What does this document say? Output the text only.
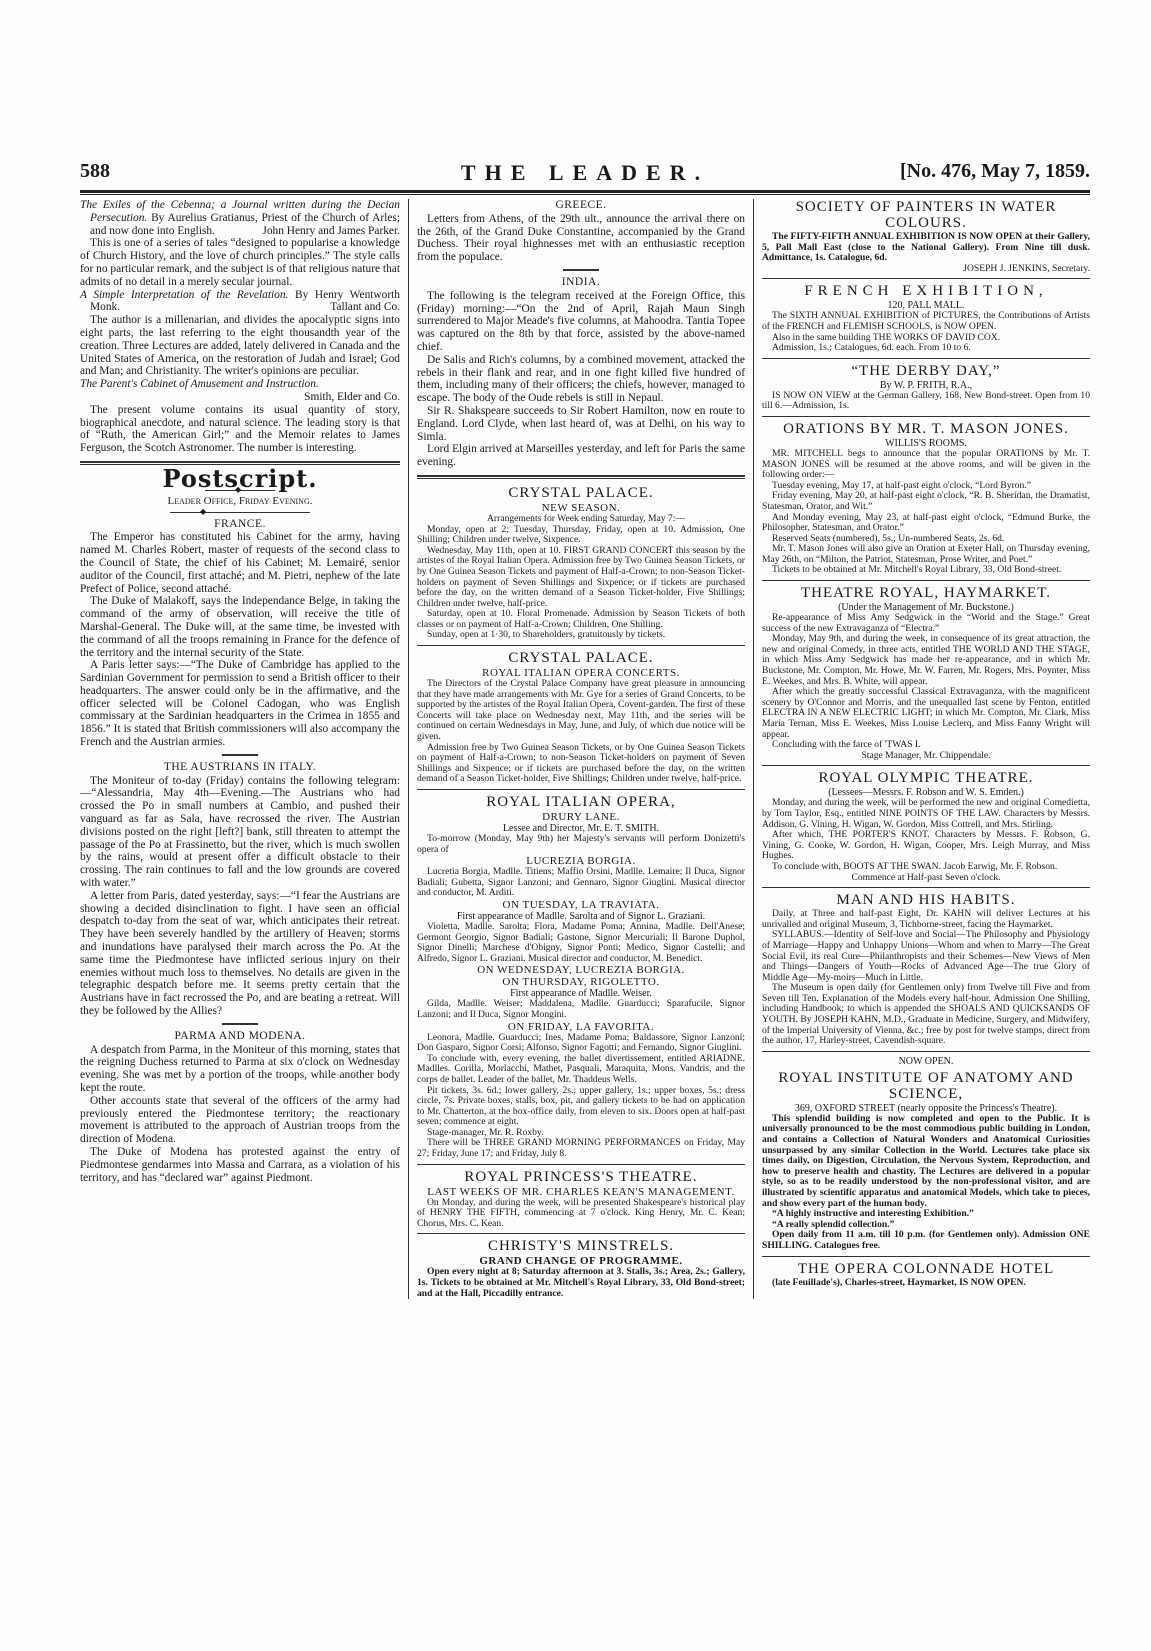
588	THE LEADER.	[No. 476, May 7, 1859.

The Exiles of the Cebenna; a Journal written during the Decian Persecution. By Aurelius Gratianus, Priest of the Church of Arles; and now done into English.	John Henry and James Parker.

This is one of a series of tales “designed to popularise a knowledge of Church History, and the love of church principles.” The style calls for no particular remark, and the subject is of that religious nature that admits of no detail in a merely secular journal.

A Simple Interpretation of the Revelation. By Henry Wentworth Monk.	Tallant and Co.

The author is a millenarian, and divides the apocalyptic signs into eight parts, the last referring to the eight thousandth year of the creation. Three Lectures are added, lately delivered in Canada and the United States of America, on the restoration of Judah and Israel; God and Man; and Christianity. The writer's opinions are peculiar.

The Parent's Cabinet of Amusement and Instruction.

Smith, Elder and Co.

The present volume contains its usual quantity of story, biographical anecdote, and natural science. The leading story is that of “Ruth, the American Girl;” and the Memoir relates to James Ferguson, the Scotch Astronomer. The number is interesting.

Postscript.
◆
Leader Office, Friday Evening.
◆
FRANCE.

The Emperor has constituted his Cabinet for the army, having named M. Charles Robert, master of requests of the second class to the Council of State, the chief of his Cabinet; M. Lemairé, senior auditor of the Council, first attaché; and M. Pietri, nephew of the late Prefect of Police, second attaché.

The Duke of Malakoff, says the Independance Belge, in taking the command of the army of observation, will receive the title of Marshal-General. The Duke will, at the same time, be invested with the command of all the troops remaining in France for the defence of the territory and the internal security of the State.

A Paris letter says:—“The Duke of Cambridge has applied to the Sardinian Government for permission to send a British officer to their headquarters. The answer could only be in the affirmative, and the officer selected will be Colonel Cadogan, who was English commissary at the Sardinian headquarters in the Crimea in 1855 and 1856.” It is stated that British commissioners will also accompany the French and the Austrian armies.

THE AUSTRIANS IN ITALY.

The Moniteur of to-day (Friday) contains the following telegram:—“Alessandria, May 4th—Evening.—The Austrians who had crossed the Po in small numbers at Cambio, and pushed their vanguard as far as Sala, have recrossed the river. The Austrian divisions posted on the right [left?] bank, still threaten to attempt the passage of the Po at Frassinetto, but the river, which is much swollen by the rains, would at present offer a difficult obstacle to their crossing. The rain continues to fall and the low grounds are covered with water.”

A letter from Paris, dated yesterday, says:—“I fear the Austrians are showing a decided disinclination to fight. I have seen an official despatch to-day from the seat of war, which anticipates their retreat. They have been severely handled by the artillery of Heaven; storms and inundations have paralysed their march across the Po. At the same time the Piedmontese have inflicted serious injury on their enemies without much loss to themselves. No details are given in the telegraphic despatch before me. It seems pretty certain that the Austrians have in fact recrossed the Po, and are beating a retreat. Will they be followed by the Allies?

PARMA AND MODENA.

A despatch from Parma, in the Moniteur of this morning, states that the reigning Duchess returned to Parma at six o'clock on Wednesday evening. She was met by a portion of the troops, while another body kept the route.

Other accounts state that several of the officers of the army had previously entered the Piedmontese territory; the reactionary movement is attributed to the approach of Austrian troops from the direction of Modena.

The Duke of Modena has protested against the entry of Piedmontese gendarmes into Massa and Carrara, as a violation of his territory, and has “declared war” against Piedmont.

GREECE.

Letters from Athens, of the 29th ult., announce the arrival there on the 26th, of the Grand Duke Constantine, accompanied by the Grand Duchess. Their royal highnesses met with an enthusiastic reception from the populace.

INDIA.

The following is the telegram received at the Foreign Office, this (Friday) morning:—“On the 2nd of April, Rajah Maun Singh surrendered to Major Meade's five columns, at Mahoodra. Tantia Topee was captured on the 8th by that force, assisted by the above-named chief.

De Salis and Rich's columns, by a combined movement, attacked the rebels in their flank and rear, and in one fight killed five hundred of them, including many of their officers; the chiefs, however, managed to escape. The body of the Oude rebels is still in Nepaul.

Sir R. Shakspeare succeeds to Sir Robert Hamilton, now en route to England. Lord Clyde, when last heard of, was at Delhi, on his way to Simla.

Lord Elgin arrived at Marseilles yesterday, and left for Paris the same evening.

CRYSTAL PALACE.
NEW SEASON.

Arrangements for Week ending Saturday, May 7:—

Monday, open at 2; Tuesday, Thursday, Friday, open at 10. Admission, One Shilling; Children under twelve, Sixpence.

Wednesday, May 11th, open at 10. FIRST GRAND CONCERT this season by the artistes of the Royal Italian Opera. Admission free by Two Guinea Season Tickets, or by One Guinea Season Tickets and payment of Half-a-Crown; to non-Season Ticket-holders on payment of Seven Shillings and Sixpence; or if tickets are purchased before the day, on the written demand of a Season Ticket-holder, Five Shillings; Children under twelve, half-price.

Saturday, open at 10. Floral Promenade. Admission by Season Tickets of both classes or on payment of Half-a-Crown; Children, One Shilling.

Sunday, open at 1·30, to Shareholders, gratuitously by tickets.

CRYSTAL PALACE.
ROYAL ITALIAN OPERA CONCERTS.

The Directors of the Crystal Palace Company have great pleasure in announcing that they have made arrangements with Mr. Gye for a series of Grand Concerts, to be supported by the artistes of the Royal Italian Opera, Covent-garden. The first of these Concerts will take place on Wednesday next, May 11th, and the series will be continued on certain Wednesdays in May, June, and July, of which due notice will be given.

Admission free by Two Guinea Season Tickets, or by One Guinea Season Tickets on payment of Half-a-Crown; to non-Season Ticket-holders on payment of Seven Shillings and Sixpence; or if tickets are purchased before the day, on the written demand of a Season Ticket-holder, Five Shillings; Children under twelve, half-price.

ROYAL ITALIAN OPERA,
DRURY LANE.
Lessee and Director, Mr. E. T. SMITH.

To-morrow (Monday, May 9th) her Majesty's servants will perform Donizetti's opera of

LUCREZIA BORGIA.

Lucretia Borgia, Madlle. Titiens; Maffio Orsini, Madlle. Lemaire; Il Duca, Signor Badiali; Gubetta, Signor Lanzoni; and Gennaro, Signor Giuglini. Musical director and conductor, M. Arditi.

ON TUESDAY, LA TRAVIATA.
First appearance of Madlle. Sarolta and of Signor L. Graziani.

Violetta, Madlle. Sarolta; Flora, Madame Poma; Annina, Madlle. Dell'Anese; Germont Georgio, Signor Badiali; Gastone, Signor Mercuriali; Il Barone Duphol, Signor Dinelli; Marchese d'Obigny, Signor Ponti; Medico, Signor Castelli; and Alfredo, Signor L. Graziani. Musical director and conductor, M. Benedict.

ON WEDNESDAY, LUCREZIA BORGIA.
ON THURSDAY, RIGOLETTO.
First appearance of Madlle. Weiser.

Gilda, Madlle. Weiser; Maddalena, Madlle. Guarducci; Sparafucile, Signor Lanzoni; and Il Duca, Signor Mongini.

ON FRIDAY, LA FAVORITA.

Leonora, Madlle. Guarducci; Ines, Madame Poma; Baldassore, Signor Lanzoni; Don Gasparo, Signor Corsi; Alfonso, Signor Fagotti; and Fernando, Signor Giuglini.

To conclude with, every evening, the ballet divertissement, entitled ARIADNE. Madlles. Corilla, Morlacchi, Mathet, Pasquali, Maraquita, Mons. Vandris, and the corps de ballet. Leader of the ballet, Mr. Thaddeus Wells.

Pit tickets, 3s. 6d.; lower gallery, 2s.; upper gallery, 1s.; upper boxes, 5s.; dress circle, 7s. Private boxes, stalls, box, pit, and gallery tickets to be had on application to Mr. Chatterton, at the box-office daily, from eleven to six. Doors open at half-past seven; commence at eight.

Stage-manager, Mr. R. Roxby.

There will be THREE GRAND MORNING PERFORMANCES on Friday, May 27; Friday, June 17; and Friday, July 8.

ROYAL PRINCESS'S THEATRE.
LAST WEEKS OF MR. CHARLES KEAN'S MANAGEMENT.

On Monday, and during the week, will be presented Shakespeare's historical play of HENRY THE FIFTH, commencing at 7 o'clock. King Henry, Mr. C. Kean; Chorus, Mrs. C. Kean.

CHRISTY'S MINSTRELS.
GRAND CHANGE OF PROGRAMME.

Open every night at 8; Saturday afternoon at 3. Stalls, 3s.; Area, 2s.; Gallery, 1s. Tickets to be obtained at Mr. Mitchell's Royal Library, 33, Old Bond-street; and at the Hall, Piccadilly entrance.

SOCIETY OF PAINTERS IN WATER COLOURS.

The FIFTY-FIFTH ANNUAL EXHIBITION IS NOW OPEN at their Gallery, 5, Pall Mall East (close to the National Gallery). From Nine till dusk. Admittance, 1s. Catalogue, 6d.

JOSEPH J. JENKINS, Secretary.
FRENCH EXHIBITION,
120, PALL MALL.

The SIXTH ANNUAL EXHIBITION of PICTURES, the Contributions of Artists of the FRENCH and FLEMISH SCHOOLS, is NOW OPEN.

Also in the same building THE WORKS OF DAVID COX.

Admission, 1s.; Catalogues, 6d. each. From 10 to 6.

“THE DERBY DAY,”
By W. P. FRITH, R.A.,

IS NOW ON VIEW at the German Gallery, 168, New Bond-street. Open from 10 till 6.—Admission, 1s.

ORATIONS BY MR. T. MASON JONES.
WILLIS'S ROOMS.

MR. MITCHELL begs to announce that the popular ORATIONS by Mr. T. MASON JONES will be resumed at the above rooms, and will be given in the following order:—

Tuesday evening, May 17, at half-past eight o'clock, “Lord Byron.”

Friday evening, May 20, at half-past eight o'clock, “R. B. Sheridan, the Dramatist, Statesman, Orator, and Wit.”

And Monday evening, May 23, at half-past eight o'clock, “Edmund Burke, the Philosopher, Statesman, and Orator.”

Reserved Seats (numbered), 5s.; Un-numbered Seats, 2s. 6d.

Mr. T. Mason Jones will also give an Oration at Exeter Hall, on Thursday evening, May 26th, on “Milton, the Patriot, Statesman, Prose Writer, and Poet.”

Tickets to be obtained at Mr. Mitchell's Royal Library, 33, Old Bond-street.

THEATRE ROYAL, HAYMARKET.
(Under the Management of Mr. Buckstone.)

Re-appearance of Miss Amy Sedgwick in the “World and the Stage.” Great success of the new Extravaganza of “Electra.”

Monday, May 9th, and during the week, in consequence of its great attraction, the new and original Comedy, in three acts, entitled THE WORLD AND THE STAGE, in which Miss Amy Sedgwick has made her re-appearance, and in which Mr. Buckstone, Mr. Compton, Mr. Howe, Mr. W. Farren, Mr. Rogers, Mrs. Poynter, Miss E. Weekes, and Mrs. B. White, will appear.

After which the greatly successful Classical Extravaganza, with the magnificent scenery by O'Connor and Morris, and the unequalled last scene by Fenton, entitled ELECTRA IN A NEW ELECTRIC LIGHT; in which Mr. Compton, Mr. Clark, Miss Maria Ternan, Miss E. Weekes, Miss Louise Leclerq, and Miss Fanny Wright will appear.

Concluding with the farce of 'TWAS I.

Stage Manager, Mr. Chippendale.
ROYAL OLYMPIC THEATRE.
(Lessees—Messrs. F. Robson and W. S. Emden.)

Monday, and during the week, will be performed the new and original Comedietta, by Tom Taylor, Esq., entitled NINE POINTS OF THE LAW. Characters by Messrs. Addison, G. Vining, H. Wigan, W. Gordon, Miss Cottrell, and Mrs. Stirling.

After which, THE PORTER'S KNOT. Characters by Messrs. F. Robson, G. Vining, G. Cooke, W. Gordon, H. Wigan, Cooper, Mrs. Leigh Murray, and Miss Hughes.

To conclude with, BOOTS AT THE SWAN. Jacob Earwig, Mr. F. Robson.

Commence at Half-past Seven o'clock.
MAN AND HIS HABITS.

Daily, at Three and half-past Eight, Dr. KAHN will deliver Lectures at his unrivalled and original Museum, 3, Tichborne-street, facing the Haymarket.

SYLLABUS.—Identity of Self-love and Social—The Philosophy and Physiology of Marriage—Happy and Unhappy Unions—Whom and when to Marry—The Great Social Evil, its real Cure—Philanthropists and their Schemes—New Views of Men and Things—Dangers of Youth—Rocks of Advanced Age—The true Glory of Middle Age—My-moirs—Much in Little.

The Museum is open daily (for Gentlemen only) from Twelve till Five and from Seven till Ten. Explanation of the Models every half-hour. Admission One Shilling, including Handbook; to which is appended the SHOALS AND QUICKSANDS OF YOUTH. By JOSEPH KAHN, M.D., Graduate in Medicine, Surgery, and Midwifery, of the Imperial University of Vienna, &c.; free by post for twelve stamps, direct from the author, 17, Harley-street, Cavendish-square.

NOW OPEN.
ROYAL INSTITUTE OF ANATOMY AND SCIENCE,
369, OXFORD STREET (nearly opposite the Princess's Theatre).

This splendid building is now completed and open to the Public. It is universally pronounced to be the most commodious public building in London, and contains a Collection of Natural Wonders and Anatomical Curiosities unsurpassed by any similar Collection in the World. Lectures take place six times daily, on Digestion, Circulation, the Nervous System, Reproduction, and how to preserve health and chastity. The Lectures are delivered in a popular style, so as to be readily understood by the non-professional visitor, and are illustrated by scientific apparatus and anatomical Models, which take to pieces, and show every part of the human body.

“A highly instructive and interesting Exhibition.”

“A really splendid collection.”

Open daily from 11 a.m. till 10 p.m. (for Gentlemen only). Admission ONE SHILLING. Catalogues free.

THE OPERA COLONNADE HOTEL

(late Feuillade's), Charles-street, Haymarket, IS NOW OPEN.
